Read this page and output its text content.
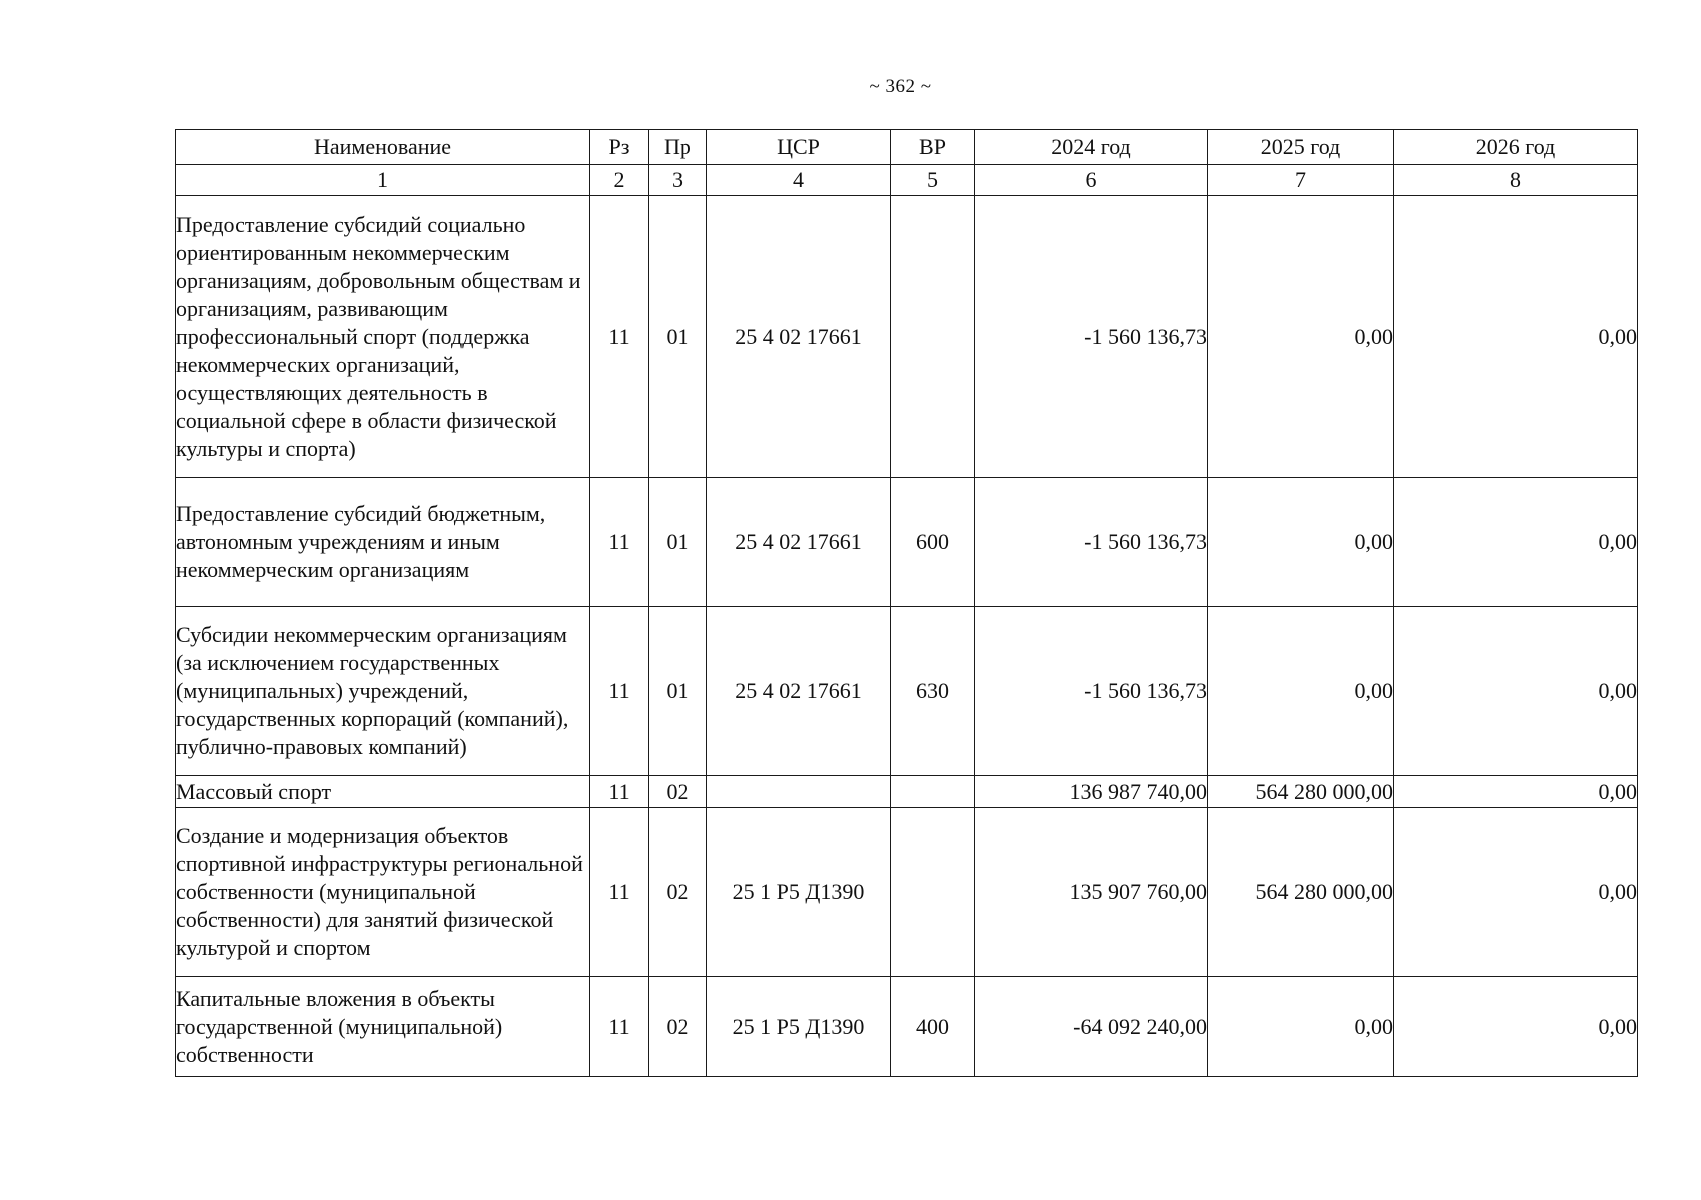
~ 362 ~
Наименование	Рз	Пр	ЦСР	ВР	2024 год	2025 год	2026 год
1	2	3	4	5	6	7	8
Предоставление субсидий социально ориентированным некоммерческим организациям, добровольным обществам и организациям, развивающим профессиональный спорт (поддержка некоммерческих организаций, осуществляющих деятельность в социальной сфере в области физической культуры и спорта)	11	01	25 4 02 17661		-1 560 136,73	0,00	0,00
Предоставление субсидий бюджетным, автономным учреждениям и иным некоммерческим организациям	11	01	25 4 02 17661	600	-1 560 136,73	0,00	0,00
Субсидии некоммерческим организациям (за исключением государственных (муниципальных) учреждений, государственных корпораций (компаний), публично-правовых компаний)	11	01	25 4 02 17661	630	-1 560 136,73	0,00	0,00
Массовый спорт	11	02			136 987 740,00	564 280 000,00	0,00
Создание и модернизация объектов спортивной инфраструктуры региональной собственности (муниципальной собственности) для занятий физической культурой и спортом	11	02	25 1 Р5 Д1390		135 907 760,00	564 280 000,00	0,00
Капитальные вложения в объекты государственной (муниципальной) собственности	11	02	25 1 Р5 Д1390	400	-64 092 240,00	0,00	0,00
